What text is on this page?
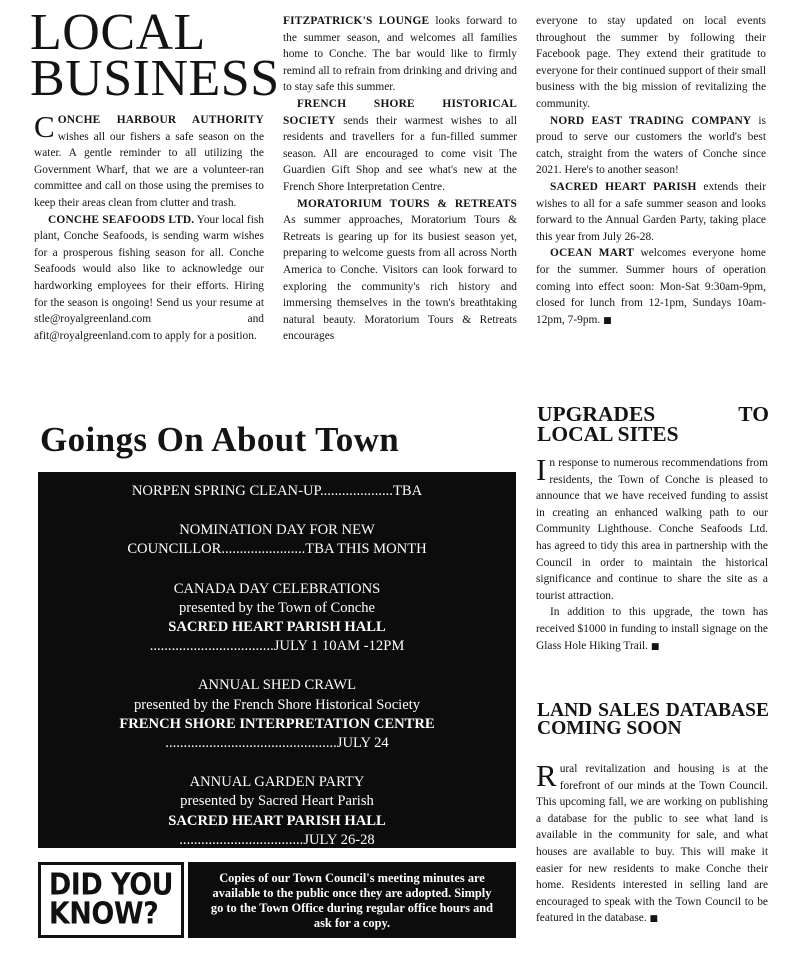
LOCAL
BUSINESS

CONCHE HARBOUR AUTHORITY wishes all our fishers a safe season on the water. A gentle reminder to all utilizing the Government Wharf, that we are a volunteer-ran committee and call on those using the premises to keep their areas clean from clutter and trash.

CONCHE SEAFOODS LTD. Your local fish plant, Conche Seafoods, is sending warm wishes for a prosperous fishing season for all. Conche Seafoods would also like to acknowledge our hardworking employees for their efforts. Hiring for the season is ongoing! Send us your resume at stle@royalgreenland.com and afit@royalgreenland.com to apply for a position.

FITZPATRICK'S LOUNGE looks forward to the summer season, and welcomes all families home to Conche. The bar would like to firmly remind all to refrain from drinking and driving and to stay safe this summer.

FRENCH SHORE HISTORICAL SOCIETY sends their warmest wishes to all residents and travellers for a fun-filled summer season. All are encouraged to come visit The Guardien Gift Shop and see what's new at the French Shore Interpretation Centre.

MORATORIUM TOURS & RETREATS As summer approaches, Moratorium Tours & Retreats is gearing up for its busiest season yet, preparing to welcome guests from all across North America to Conche. Visitors can look forward to exploring the community's rich history and immersing themselves in the town's breathtaking natural beauty. Moratorium Tours & Retreats encourages

everyone to stay updated on local events throughout the summer by following their Facebook page. They extend their gratitude to everyone for their continued support of their small business with the big mission of revitalizing the community.

NORD EAST TRADING COMPANY is proud to serve our customers the world's best catch, straight from the waters of Conche since 2021. Here's to another season!

SACRED HEART PARISH extends their wishes to all for a safe summer season and looks forward to the Annual Garden Party, taking place this year from July 26-28.

OCEAN MART welcomes everyone home for the summer. Summer hours of operation coming into effect soon: Mon-Sat 9:30am-9pm, closed for lunch from 12-1pm, Sundays 10am-12pm, 7-9pm. ■

Goings On About Town
NORPEN SPRING CLEAN-UP....................TBA
NOMINATION DAY FOR NEW
COUNCILLOR.......................TBA THIS MONTH
CANADA DAY CELEBRATIONS
presented by the Town of Conche
SACRED HEART PARISH HALL
..................................JULY 1 10AM -12PM
ANNUAL SHED CRAWL
presented by the French Shore Historical Society
FRENCH SHORE INTERPRETATION CENTRE
...............................................JULY 24
ANNUAL GARDEN PARTY
presented by Sacred Heart Parish
SACRED HEART PARISH HALL
..................................JULY 26-28
UPGRADES TO LOCAL SITES

In response to numerous recommendations from residents, the Town of Conche is pleased to announce that we have received funding to assist in creating an enhanced walking path to our Community Lighthouse. Conche Seafoods Ltd. has agreed to tidy this area in partnership with the Council in order to maintain the historical significance and continue to share the site as a tourist attraction.

In addition to this upgrade, the town has received $1000 in funding to install signage on the Glass Hole Hiking Trail. ■

LAND SALES DATABASE COMING SOON

Rural revitalization and housing is at the forefront of our minds at the Town Council. This upcoming fall, we are working on publishing a database for the public to see what land is available in the community for sale, and what houses are available to buy. This will make it easier for new residents to make Conche their home. Residents interested in selling land are encouraged to speak with the Town Council to be featured in the database. ■

DID YOU
KNOW?
Copies of our Town Council's meeting minutes are available to the public once they are adopted. Simply go to the Town Office during regular office hours and ask for a copy.
